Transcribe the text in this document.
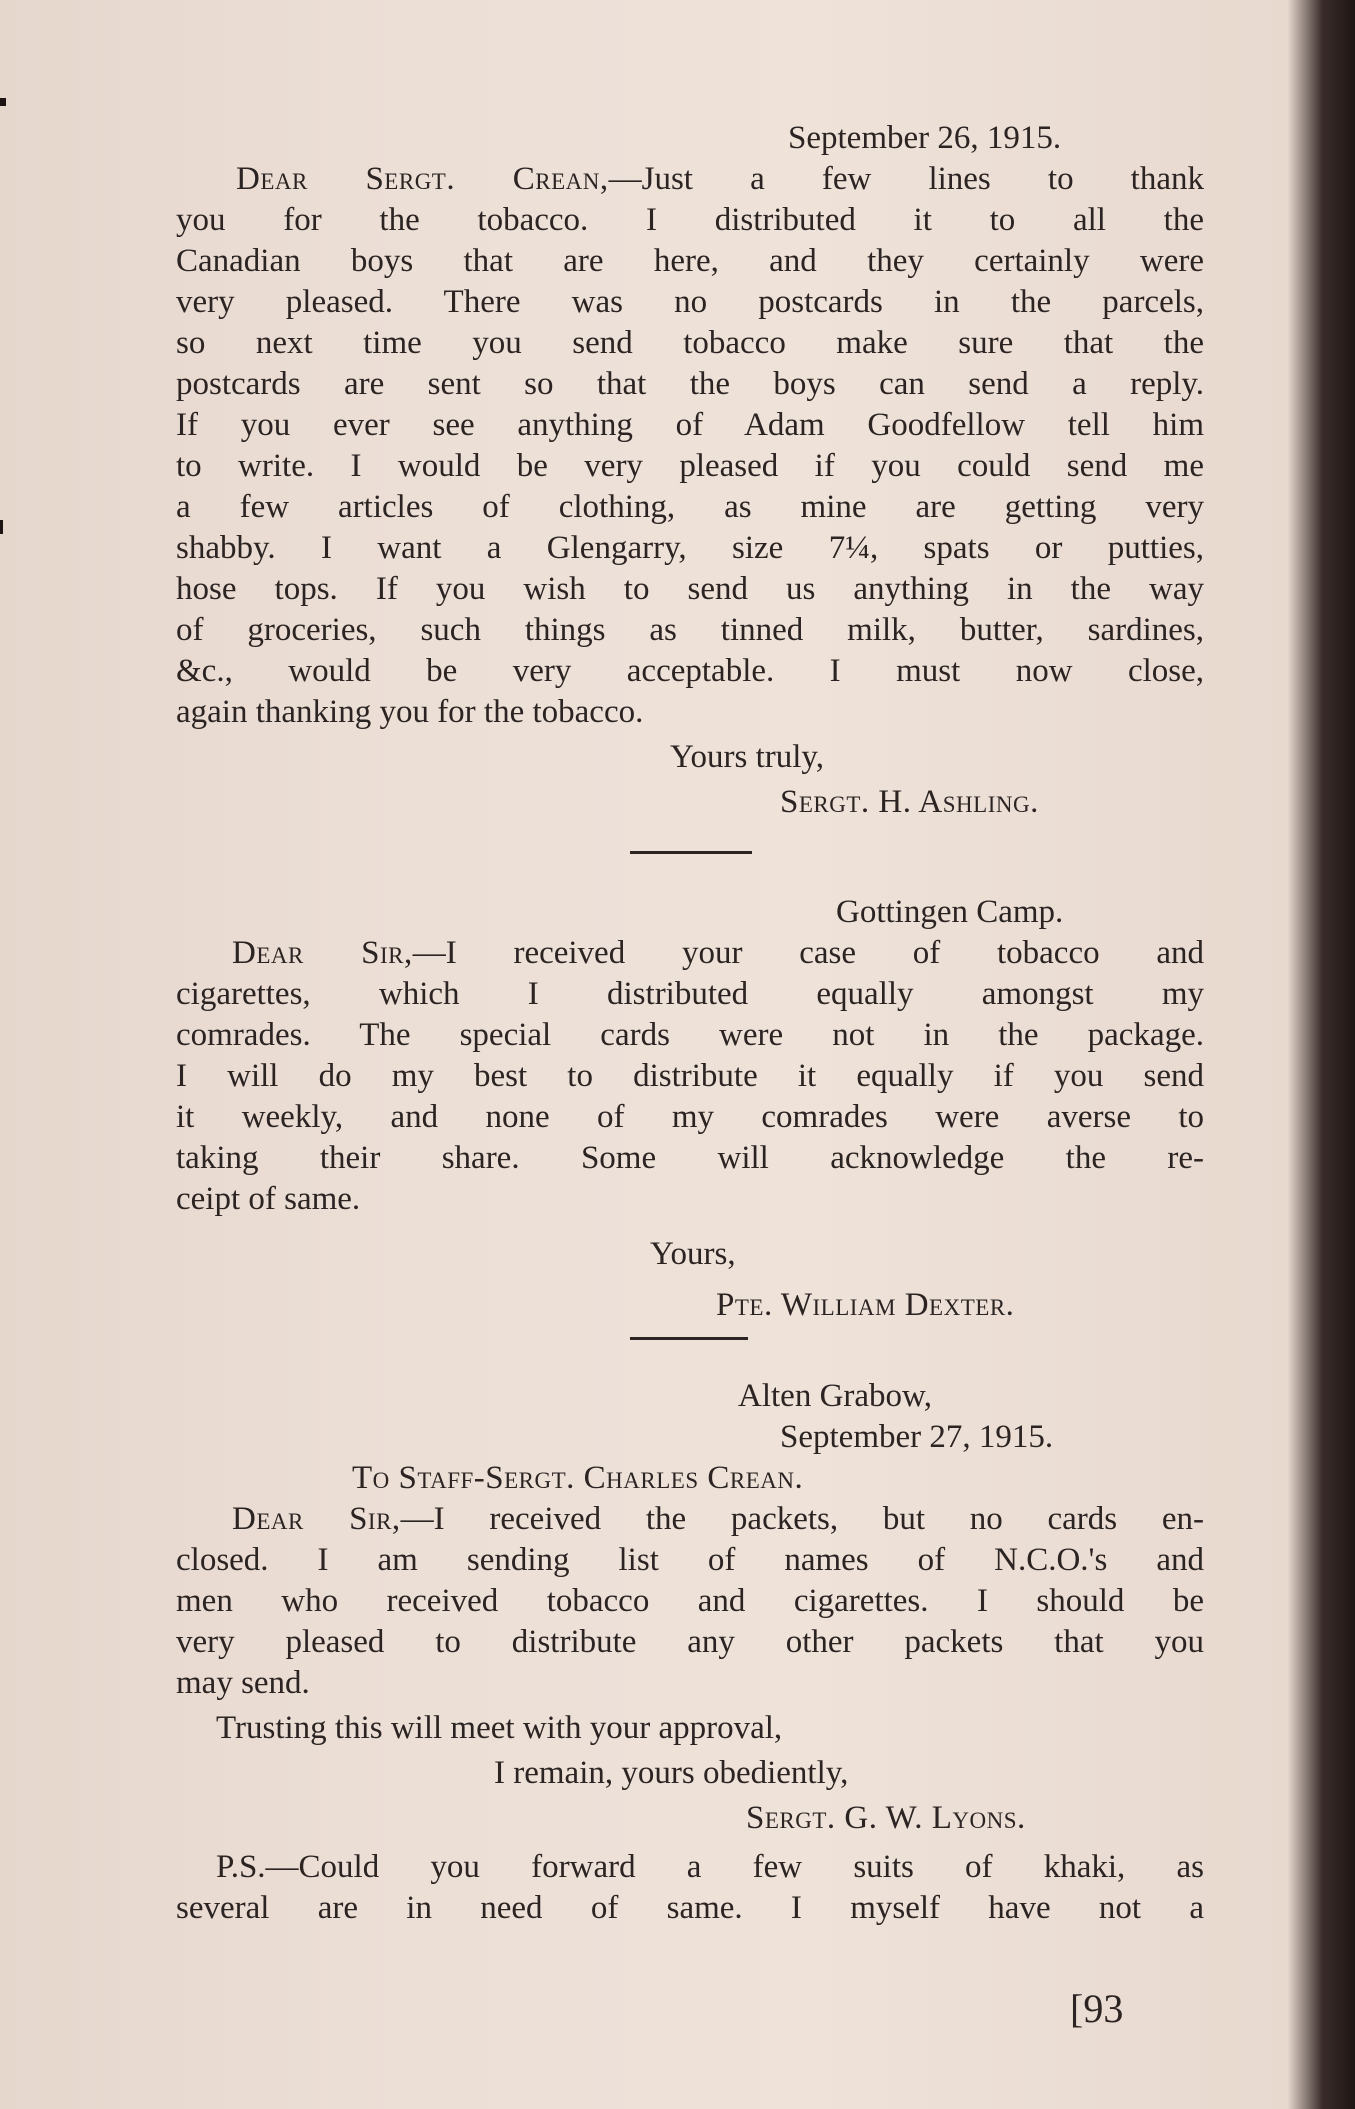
September 26, 1915.
Dear Sergt. Crean,—Just a few lines to thank
you for the tobacco. I distributed it to all the
Canadian boys that are here, and they certainly were
very pleased. There was no postcards in the parcels,
so next time you send tobacco make sure that the
postcards are sent so that the boys can send a reply.
If you ever see anything of Adam Goodfellow tell him
to write. I would be very pleased if you could send me
a few articles of clothing, as mine are getting very
shabby. I want a Glengarry, size 7¼, spats or putties,
hose tops. If you wish to send us anything in the way
of groceries, such things as tinned milk, butter, sardines,
&c., would be very acceptable. I must now close,
again thanking you for the tobacco.
Yours truly,
Sergt. H. Ashling.
Gottingen Camp.
Dear Sir,—I received your case of tobacco and
cigarettes, which I distributed equally amongst my
comrades. The special cards were not in the package.
I will do my best to distribute it equally if you send
it weekly, and none of my comrades were averse to
taking their share. Some will acknowledge the re-
ceipt of same.
Yours,
Pte. William Dexter.
Alten Grabow,
September 27, 1915.
To Staff-Sergt. Charles Crean.
Dear Sir,—I received the packets, but no cards en-
closed. I am sending list of names of N.C.O.'s and
men who received tobacco and cigarettes. I should be
very pleased to distribute any other packets that you
may send.
Trusting this will meet with your approval,
I remain, yours obediently,
Sergt. G. W. Lyons.
P.S.—Could you forward a few suits of khaki, as
several are in need of same. I myself have not a
[93
